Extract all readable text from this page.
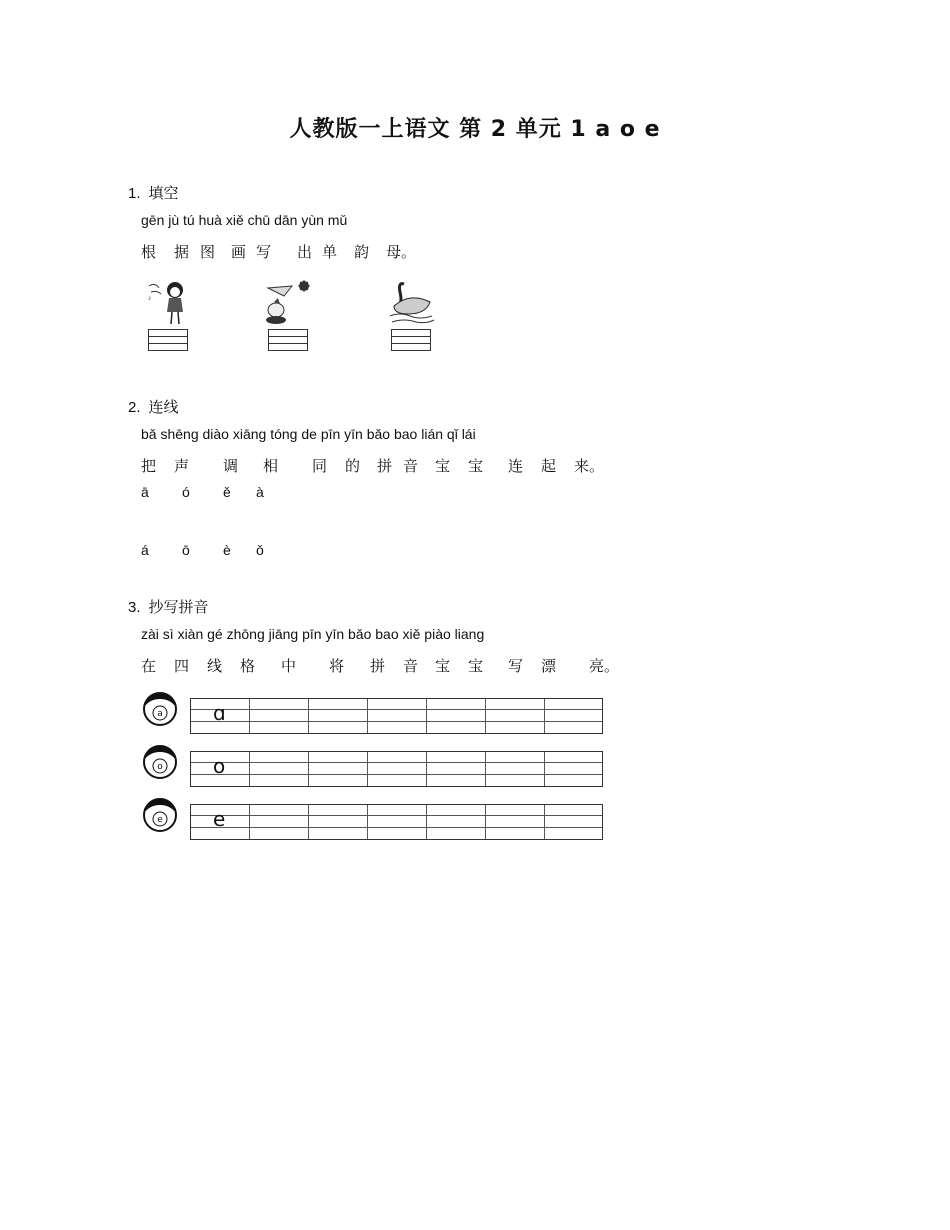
人教版一上语文 第 2 单元 1 a o e
1. 填空
gēn jù tú huà xiě chū dān yùn mǔ
根 据 图 画 写 出 单 韵 母。
♪
2. 连线
bǎ shēng diào xiāng tóng de pīn yīn bǎo bao lián qǐ lái
把 声 调 相 同 的 拼 音 宝 宝 连 起 来。
ā ó ě à
á ō è ǒ
3. 抄写拼音
zài sì xiàn gé zhōng jiāng pīn yīn bǎo bao xiě piào liang
在 四 线 格 中 将 拼 音 宝 宝 写 漂 亮。
a	ɑ
o	o
e	e
